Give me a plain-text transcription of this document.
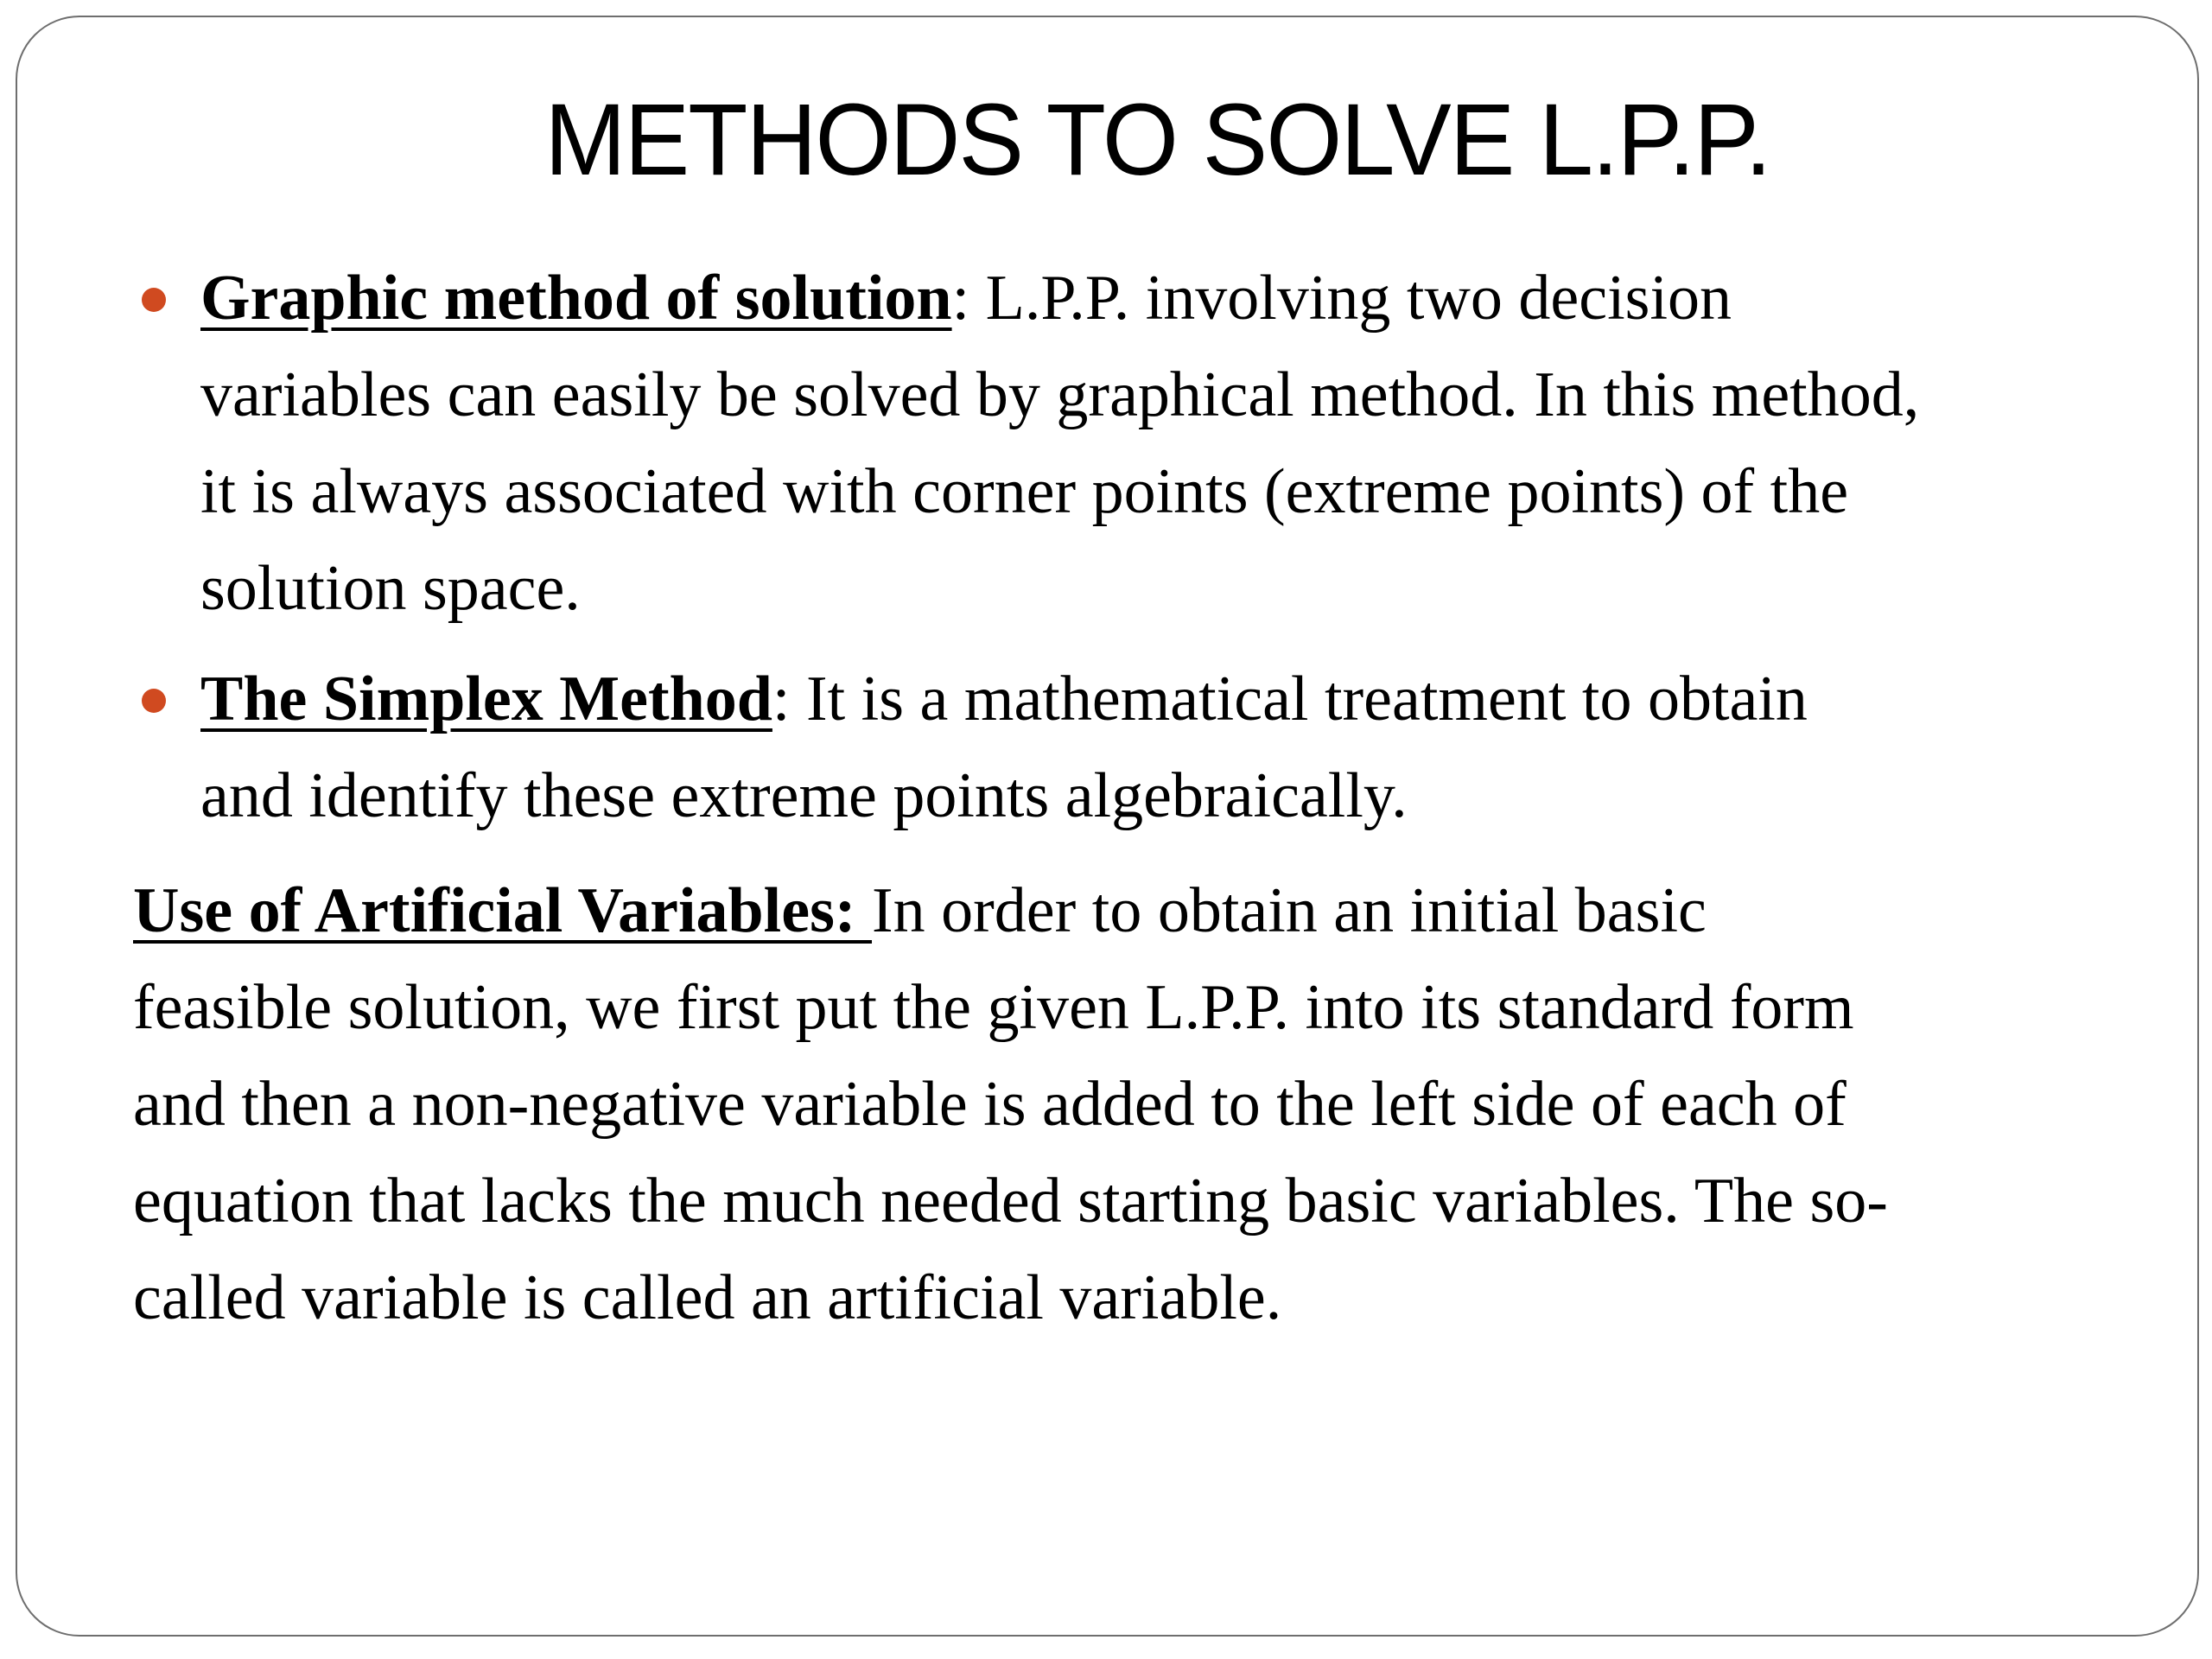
METHODS TO SOLVE L.P.P.
Graphic method of solution: L.P.P. involving two decision
variables can easily be solved by graphical method. In this method,
it is always associated with corner points (extreme points) of the
solution space.
The Simplex Method: It is a mathematical treatment to obtain
and identify these extreme points algebraically.
Use of Artificial Variables: In order to obtain an initial basic
feasible solution, we first put the given L.P.P. into its standard form
and then a non-negative variable is added to the left side of each of
equation that lacks the much needed starting basic variables. The so-
called variable is called an artificial variable.
